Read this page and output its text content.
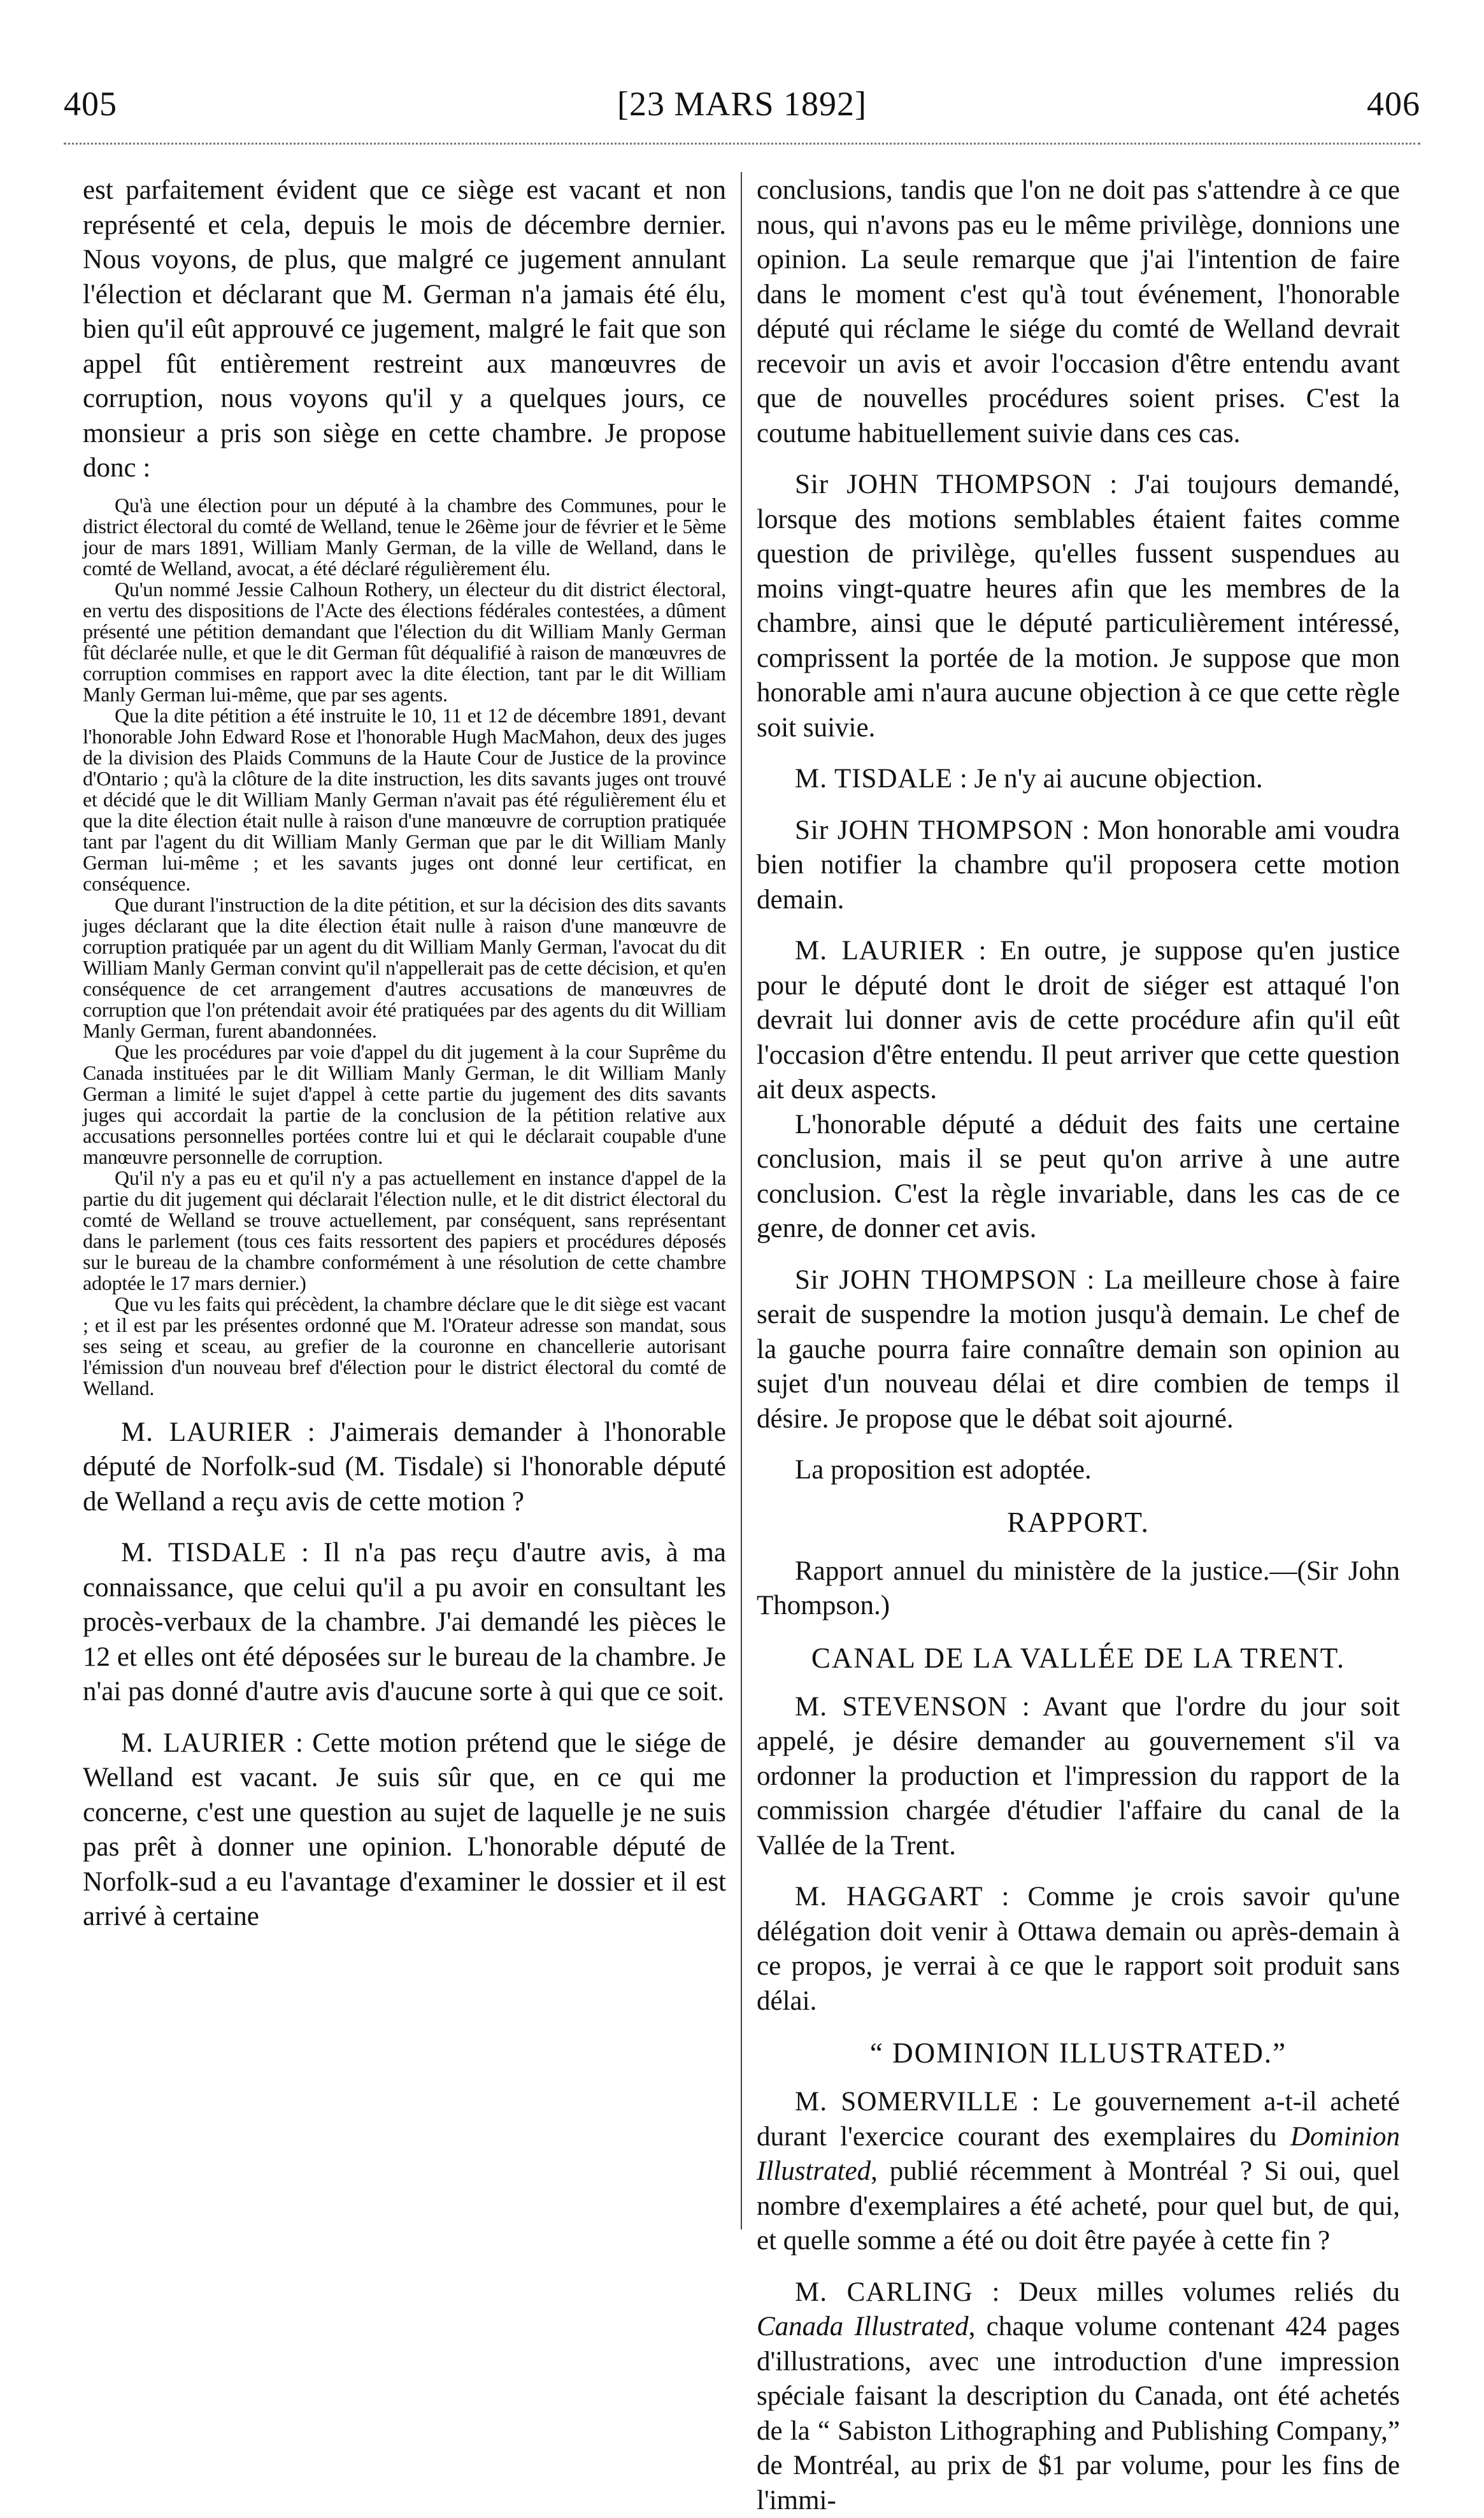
405	[23 MARS 1892]	406

est parfaitement évident que ce siège est vacant et non représenté et cela, depuis le mois de décembre dernier. Nous voyons, de plus, que malgré ce jugement annulant l'élection et déclarant que M. German n'a jamais été élu, bien qu'il eût approuvé ce jugement, malgré le fait que son appel fût entièrement restreint aux manœuvres de corruption, nous voyons qu'il y a quelques jours, ce monsieur a pris son siège en cette chambre. Je propose donc :

Qu'à une élection pour un député à la chambre des Communes, pour le district électoral du comté de Welland, tenue le 26ème jour de février et le 5ème jour de mars 1891, William Manly German, de la ville de Welland, dans le comté de Welland, avocat, a été déclaré régulièrement élu.

Qu'un nommé Jessie Calhoun Rothery, un électeur du dit district électoral, en vertu des dispositions de l'Acte des élections fédérales contestées, a dûment présenté une pétition demandant que l'élection du dit William Manly German fût déclarée nulle, et que le dit German fût déqualifié à raison de manœuvres de corruption commises en rapport avec la dite élection, tant par le dit William Manly German lui-même, que par ses agents.

Que la dite pétition a été instruite le 10, 11 et 12 de décembre 1891, devant l'honorable John Edward Rose et l'honorable Hugh MacMahon, deux des juges de la division des Plaids Communs de la Haute Cour de Justice de la province d'Ontario ; qu'à la clôture de la dite instruction, les dits savants juges ont trouvé et décidé que le dit William Manly German n'avait pas été régulièrement élu et que la dite élection était nulle à raison d'une manœuvre de corruption pratiquée tant par l'agent du dit William Manly German que par le dit William Manly German lui-même ; et les savants juges ont donné leur certificat, en conséquence.

Que durant l'instruction de la dite pétition, et sur la décision des dits savants juges déclarant que la dite élection était nulle à raison d'une manœuvre de corruption pratiquée par un agent du dit William Manly German, l'avocat du dit William Manly German convint qu'il n'appellerait pas de cette décision, et qu'en conséquence de cet arrangement d'autres accusations de manœuvres de corruption que l'on prétendait avoir été pratiquées par des agents du dit William Manly German, furent abandonnées.

Que les procédures par voie d'appel du dit jugement à la cour Suprême du Canada instituées par le dit William Manly German, le dit William Manly German a limité le sujet d'appel à cette partie du jugement des dits savants juges qui accordait la partie de la conclusion de la pétition relative aux accusations personnelles portées contre lui et qui le déclarait coupable d'une manœuvre personnelle de corruption.

Qu'il n'y a pas eu et qu'il n'y a pas actuellement en instance d'appel de la partie du dit jugement qui déclarait l'élection nulle, et le dit district électoral du comté de Welland se trouve actuellement, par conséquent, sans représentant dans le parlement (tous ces faits ressortent des papiers et procédures déposés sur le bureau de la chambre conformément à une résolution de cette chambre adoptée le 17 mars dernier.)

Que vu les faits qui précèdent, la chambre déclare que le dit siège est vacant ; et il est par les présentes ordonné que M. l'Orateur adresse son mandat, sous ses seing et sceau, au grefier de la couronne en chancellerie autorisant l'émission d'un nouveau bref d'élection pour le district électoral du comté de Welland.

M. LAURIER : J'aimerais demander à l'honorable député de Norfolk-sud (M. Tisdale) si l'honorable député de Welland a reçu avis de cette motion ?

M. TISDALE : Il n'a pas reçu d'autre avis, à ma connaissance, que celui qu'il a pu avoir en consultant les procès-verbaux de la chambre. J'ai demandé les pièces le 12 et elles ont été déposées sur le bureau de la chambre. Je n'ai pas donné d'autre avis d'aucune sorte à qui que ce soit.

M. LAURIER : Cette motion prétend que le siége de Welland est vacant. Je suis sûr que, en ce qui me concerne, c'est une question au sujet de laquelle je ne suis pas prêt à donner une opinion. L'honorable député de Norfolk-sud a eu l'avantage d'examiner le dossier et il est arrivé à certaine

conclusions, tandis que l'on ne doit pas s'attendre à ce que nous, qui n'avons pas eu le même privilège, donnions une opinion. La seule remarque que j'ai l'intention de faire dans le moment c'est qu'à tout événement, l'honorable député qui réclame le siége du comté de Welland devrait recevoir un avis et avoir l'occasion d'être entendu avant que de nouvelles procédures soient prises. C'est la coutume habituellement suivie dans ces cas.

Sir JOHN THOMPSON : J'ai toujours demandé, lorsque des motions semblables étaient faites comme question de privilège, qu'elles fussent suspendues au moins vingt-quatre heures afin que les membres de la chambre, ainsi que le député particulièrement intéressé, comprissent la portée de la motion. Je suppose que mon honorable ami n'aura aucune objection à ce que cette règle soit suivie.

M. TISDALE : Je n'y ai aucune objection.

Sir JOHN THOMPSON : Mon honorable ami voudra bien notifier la chambre qu'il proposera cette motion demain.

M. LAURIER : En outre, je suppose qu'en justice pour le député dont le droit de siéger est attaqué l'on devrait lui donner avis de cette procédure afin qu'il eût l'occasion d'être entendu. Il peut arriver que cette question ait deux aspects.

L'honorable député a déduit des faits une certaine conclusion, mais il se peut qu'on arrive à une autre conclusion. C'est la règle invariable, dans les cas de ce genre, de donner cet avis.

Sir JOHN THOMPSON : La meilleure chose à faire serait de suspendre la motion jusqu'à demain. Le chef de la gauche pourra faire connaître demain son opinion au sujet d'un nouveau délai et dire combien de temps il désire. Je propose que le débat soit ajourné.

La proposition est adoptée.

RAPPORT.

Rapport annuel du ministère de la justice.—(Sir John Thompson.)

CANAL DE LA VALLÉE DE LA TRENT.

M. STEVENSON : Avant que l'ordre du jour soit appelé, je désire demander au gouvernement s'il va ordonner la production et l'impression du rapport de la commission chargée d'étudier l'affaire du canal de la Vallée de la Trent.

M. HAGGART : Comme je crois savoir qu'une délégation doit venir à Ottawa demain ou après-demain à ce propos, je verrai à ce que le rapport soit produit sans délai.

“ DOMINION ILLUSTRATED.”

M. SOMERVILLE : Le gouvernement a-t-il acheté durant l'exercice courant des exemplaires du Dominion Illustrated, publié récemment à Montréal ? Si oui, quel nombre d'exemplaires a été acheté, pour quel but, de qui, et quelle somme a été ou doit être payée à cette fin ?

M. CARLING : Deux milles volumes reliés du Canada Illustrated, chaque volume contenant 424 pages d'illustrations, avec une introduction d'une impression spéciale faisant la description du Canada, ont été achetés de la “ Sabiston Lithographing and Publishing Company,” de Montréal, au prix de $1 par volume, pour les fins de l'immi-
